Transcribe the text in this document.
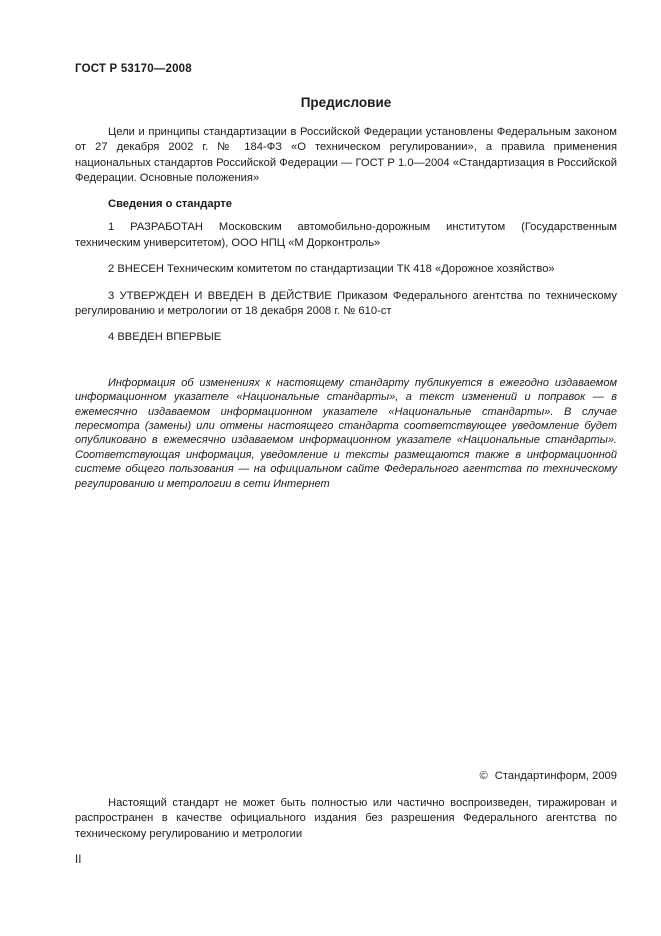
ГОСТ Р 53170—2008
Предисловие

Цели и принципы стандартизации в Российской Федерации установлены Федеральным законом от 27 декабря 2002 г. № 184-ФЗ «О техническом регулировании», а правила применения национальных стандартов Российской Федерации — ГОСТ Р 1.0—2004 «Стандартизация в Российской Федерации. Основные положения»

Сведения о стандарте

1 РАЗРАБОТАН Московским автомобильно-дорожным институтом (Государственным техническим университетом), ООО НПЦ «М Дорконтроль»

2 ВНЕСЕН Техническим комитетом по стандартизации ТК 418 «Дорожное хозяйство»

3 УТВЕРЖДЕН И ВВЕДЕН В ДЕЙСТВИЕ Приказом Федерального агентства по техническому регулированию и метрологии от 18 декабря 2008 г. № 610-ст

4 ВВЕДЕН ВПЕРВЫЕ

Информация об изменениях к настоящему стандарту публикуется в ежегодно издаваемом информационном указателе «Национальные стандарты», а текст изменений и поправок — в ежемесячно издаваемом информационном указателе «Национальные стандарты». В случае пересмотра (замены) или отмены настоящего стандарта соответствующее уведомление будет опубликовано в ежемесячно издаваемом информационном указателе «Национальные стандарты». Соответствующая информация, уведомление и тексты размещаются также в информационной системе общего пользования — на официальном сайте Федерального агентства по техническому регулированию и метрологии в сети Интернет

© Стандартинформ, 2009

Настоящий стандарт не может быть полностью или частично воспроизведен, тиражирован и распространен в качестве официального издания без разрешения Федерального агентства по техническому регулированию и метрологии

II
